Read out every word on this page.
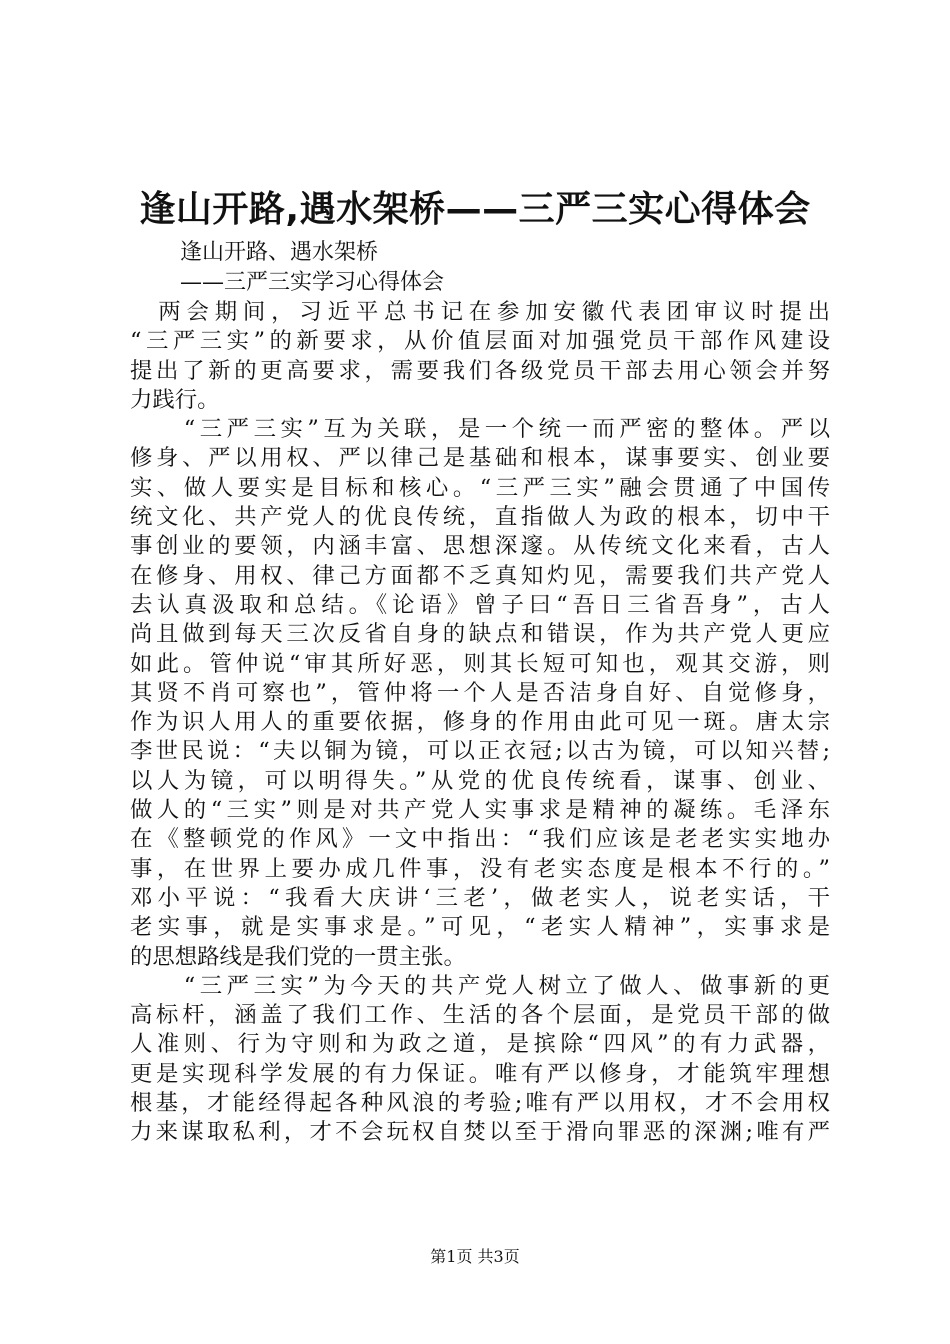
逢山开路,遇水架桥——三严三实心得体会
逢山开路、遇水架桥
——三严三实学习心得体会
　两会期间，习近平总书记在参加安徽代表团审议时提出
“三严三实”的新要求，从价值层面对加强党员干部作风建设
提出了新的更高要求，需要我们各级党员干部去用心领会并努
力践行。
　　“三严三实”互为关联，是一个统一而严密的整体。严以
修身、严以用权、严以律己是基础和根本，谋事要实、创业要
实、做人要实是目标和核心。“三严三实”融会贯通了中国传
统文化、共产党人的优良传统，直指做人为政的根本，切中干
事创业的要领，内涵丰富、思想深邃。从传统文化来看，古人
在修身、用权、律己方面都不乏真知灼见，需要我们共产党人
去认真汲取和总结。《论语》曾子曰“吾日三省吾身”，古人
尚且做到每天三次反省自身的缺点和错误，作为共产党人更应
如此。管仲说“审其所好恶，则其长短可知也，观其交游，则
其贤不肖可察也”，管仲将一个人是否洁身自好、自觉修身，
作为识人用人的重要依据，修身的作用由此可见一斑。唐太宗
李世民说：“夫以铜为镜，可以正衣冠;以古为镜，可以知兴替;
以人为镜，可以明得失。”从党的优良传统看，谋事、创业、
做人的“三实”则是对共产党人实事求是精神的凝练。毛泽东
在《整顿党的作风》一文中指出：“我们应该是老老实实地办
事，在世界上要办成几件事，没有老实态度是根本不行的。”
邓小平说：“我看大庆讲‘三老’，做老实人，说老实话，干
老实事，就是实事求是。”可见，“老实人精神”，实事求是
的思想路线是我们党的一贯主张。
　　“三严三实”为今天的共产党人树立了做人、做事新的更
高标杆，涵盖了我们工作、生活的各个层面，是党员干部的做
人准则、行为守则和为政之道，是摈除“四风”的有力武器，
更是实现科学发展的有力保证。唯有严以修身，才能筑牢理想
根基，才能经得起各种风浪的考验;唯有严以用权，才不会用权
力来谋取私利，才不会玩权自焚以至于滑向罪恶的深渊;唯有严
第1页 共3页
